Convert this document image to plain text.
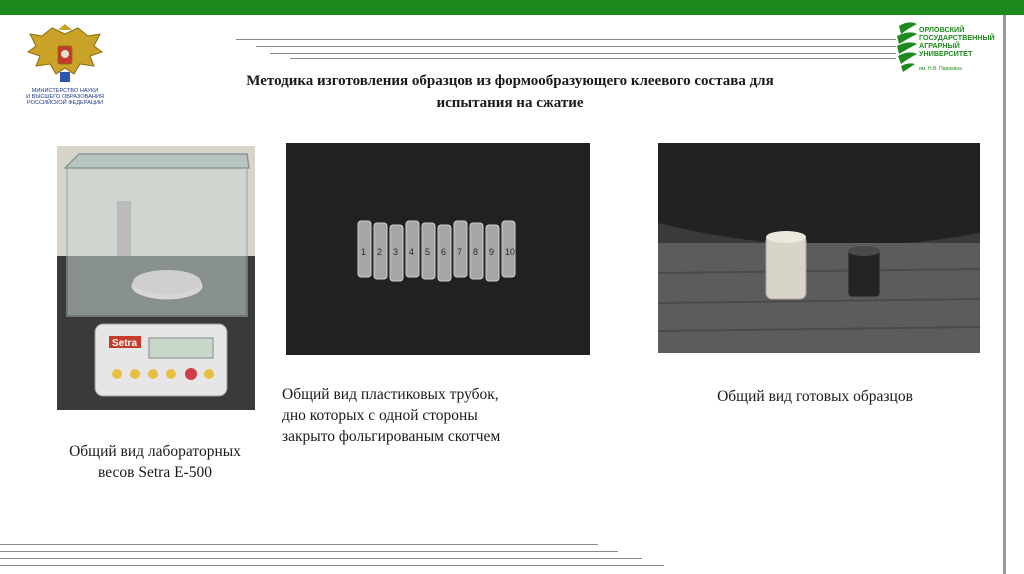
МИНИСТЕРСТВО НАУКИ
И ВЫСШЕГО ОБРАЗОВАНИЯ
РОССИЙСКОЙ ФЕДЕРАЦИИ
ОРЛОВСКИЙ
ГОСУДАРСТВЕННЫЙ
АГРАРНЫЙ
УНИВЕРСИТЕТ
им. Н.В. Парахина
Методика изготовления образцов из формообразующего клеевого состава для
испытания на сжатие
Setra
1 2 3 4 5 6 7 8 9 10
Общий вид лабораторных
весов Setra E-500
Общий вид пластиковых трубок,
дно которых с одной стороны
закрыто фольгированым скотчем
Общий вид готовых образцов
